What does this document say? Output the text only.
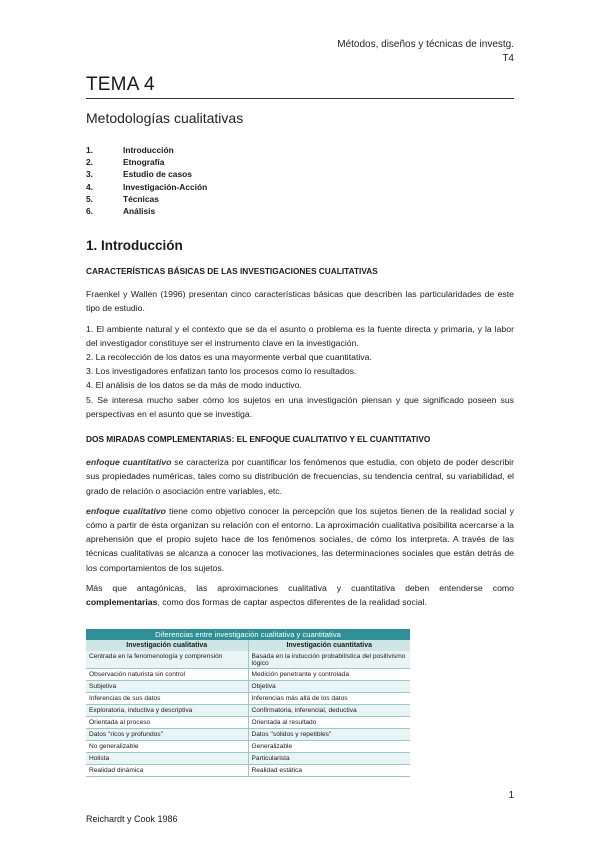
Métodos, diseños y técnicas de investg.
T4
TEMA 4
Metodologías cualitativas
1.	Introducción
2.	Etnografía
3.	Estudio de casos
4.	Investigación-Acción
5.	Técnicas
6.	Análisis
1. Introducción
CARACTERÍSTICAS BÁSICAS DE LAS INVESTIGACIONES CUALITATIVAS

Fraenkel y Wallen (1996) presentan cinco características básicas que describen las particularidades de este tipo de estudio.

1. El ambiente natural y el contexto que se da el asunto o problema es la fuente directa y primaria, y la labor del investigador constituye ser el instrumento clave en la investigación.

2. La recolección de los datos es una mayormente verbal que cuantitativa.

3. Los investigadores enfatizan tanto los procesos como lo resultados.

4. El análisis de los datos se da más de modo inductivo.

5. Se interesa mucho saber cómo los sujetos en una investigación piensan y que significado poseen sus perspectivas en el asunto que se investiga.

DOS MIRADAS COMPLEMENTARIAS: EL ENFOQUE CUALITATIVO Y EL CUANTITATIVO

enfoque cuantitativo se caracteriza por cuantificar los fenómenos que estudia, con objeto de poder describir sus propiedades numéricas, tales como su distribución de frecuencias, su tendencia central, su variabilidad, el grado de relación o asociación entre variables, etc.

enfoque cualitativo tiene como objetivo conocer la percepción que los sujetos tienen de la realidad social y cómo a partir de ésta organizan su relación con el entorno. La aproximación cualitativa posibilita acercarse a la aprehensión que el propio sujeto hace de los fenómenos sociales, de cómo los interpreta. A través de las técnicas cualitativas se alcanza a conocer las motivaciones, las determinaciones sociales que están detrás de los comportamientos de los sujetos.

Más que antagónicas, las aproximaciones cualitativa y cuantitativa deben entenderse como complementarias, como dos formas de captar aspectos diferentes de la realidad social.

Diferencias entre investigación cualitativa y cuantitativa	
Investigación cualitativa	Investigación cuantitativa
Centrada en la fenomenología y comprensión	Basada en la inducción probabilística del positivismo lógico
Observación naturista sin control	Medición penetrante y controlada
Subjetiva	Objetiva
Inferencias de sus datos	Inferencias más allá de los datos
Exploratoria, inductiva y descriptiva	Confirmatoria, inferencial, deductiva
Orientada al proceso	Orientada al resultado
Datos "ricos y profundos"	Datos "sólidos y repetibles"
No generalizable	Generalizable
Holista	Particularista
Realidad dinámica	Realidad estática
1
Reichardt y Cook 1986
